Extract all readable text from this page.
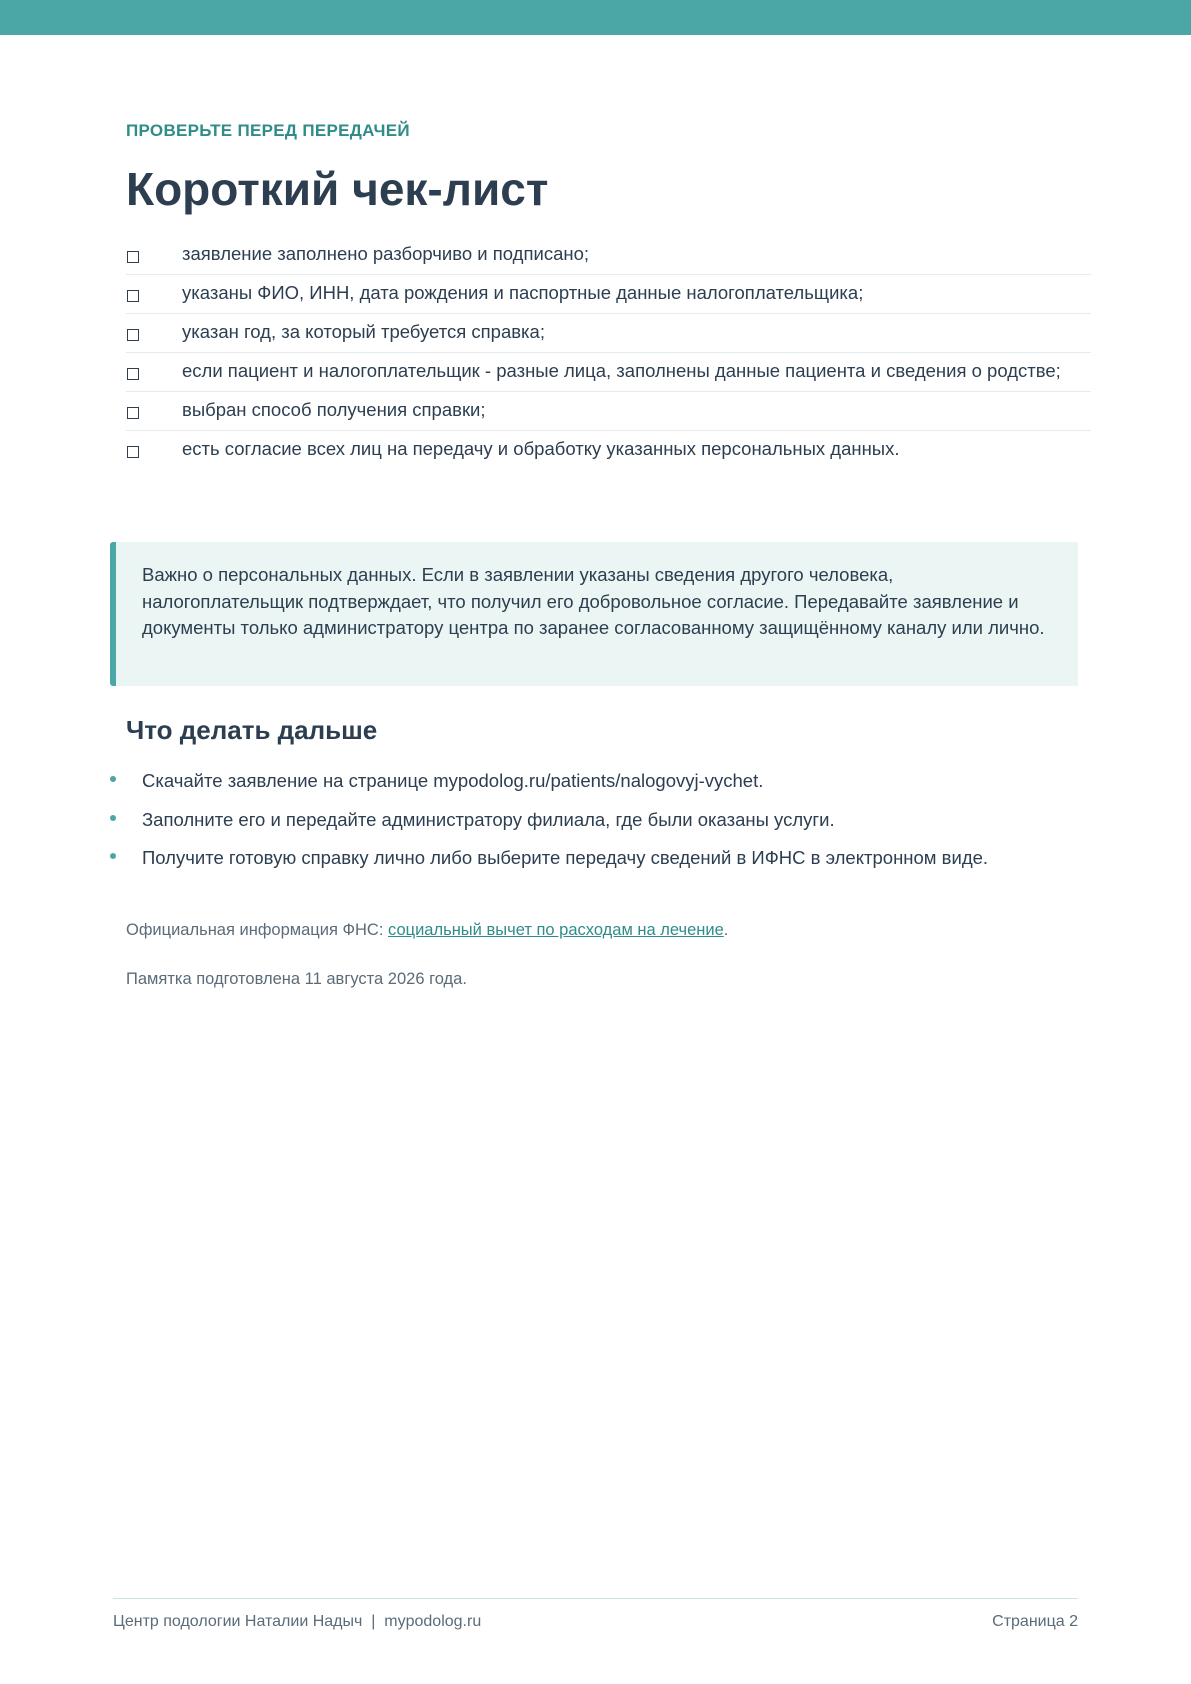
ПРОВЕРЬТЕ ПЕРЕД ПЕРЕДАЧЕЙ
Короткий чек-лист
заявление заполнено разборчиво и подписано;
указаны ФИО, ИНН, дата рождения и паспортные данные налогоплательщика;
указан год, за который требуется справка;
если пациент и налогоплательщик - разные лица, заполнены данные пациента и сведения о родстве;
выбран способ получения справки;
есть согласие всех лиц на передачу и обработку указанных персональных данных.
Важно о персональных данных. Если в заявлении указаны сведения другого человека, налогоплательщик подтверждает, что получил его добровольное согласие. Передавайте заявление и документы только администратору центра по заранее согласованному защищённому каналу или лично.
Что делать дальше
Скачайте заявление на странице mypodolog.ru/patients/nalogovyj-vychet.
Заполните его и передайте администратору филиала, где были оказаны услуги.
Получите готовую справку лично либо выберите передачу сведений в ИФНС в электронном виде.
Официальная информация ФНС: социальный вычет по расходам на лечение.
Памятка подготовлена 11 августа 2026 года.
Центр подологии Наталии Надыч  |  mypodolog.ru	Страница 2
